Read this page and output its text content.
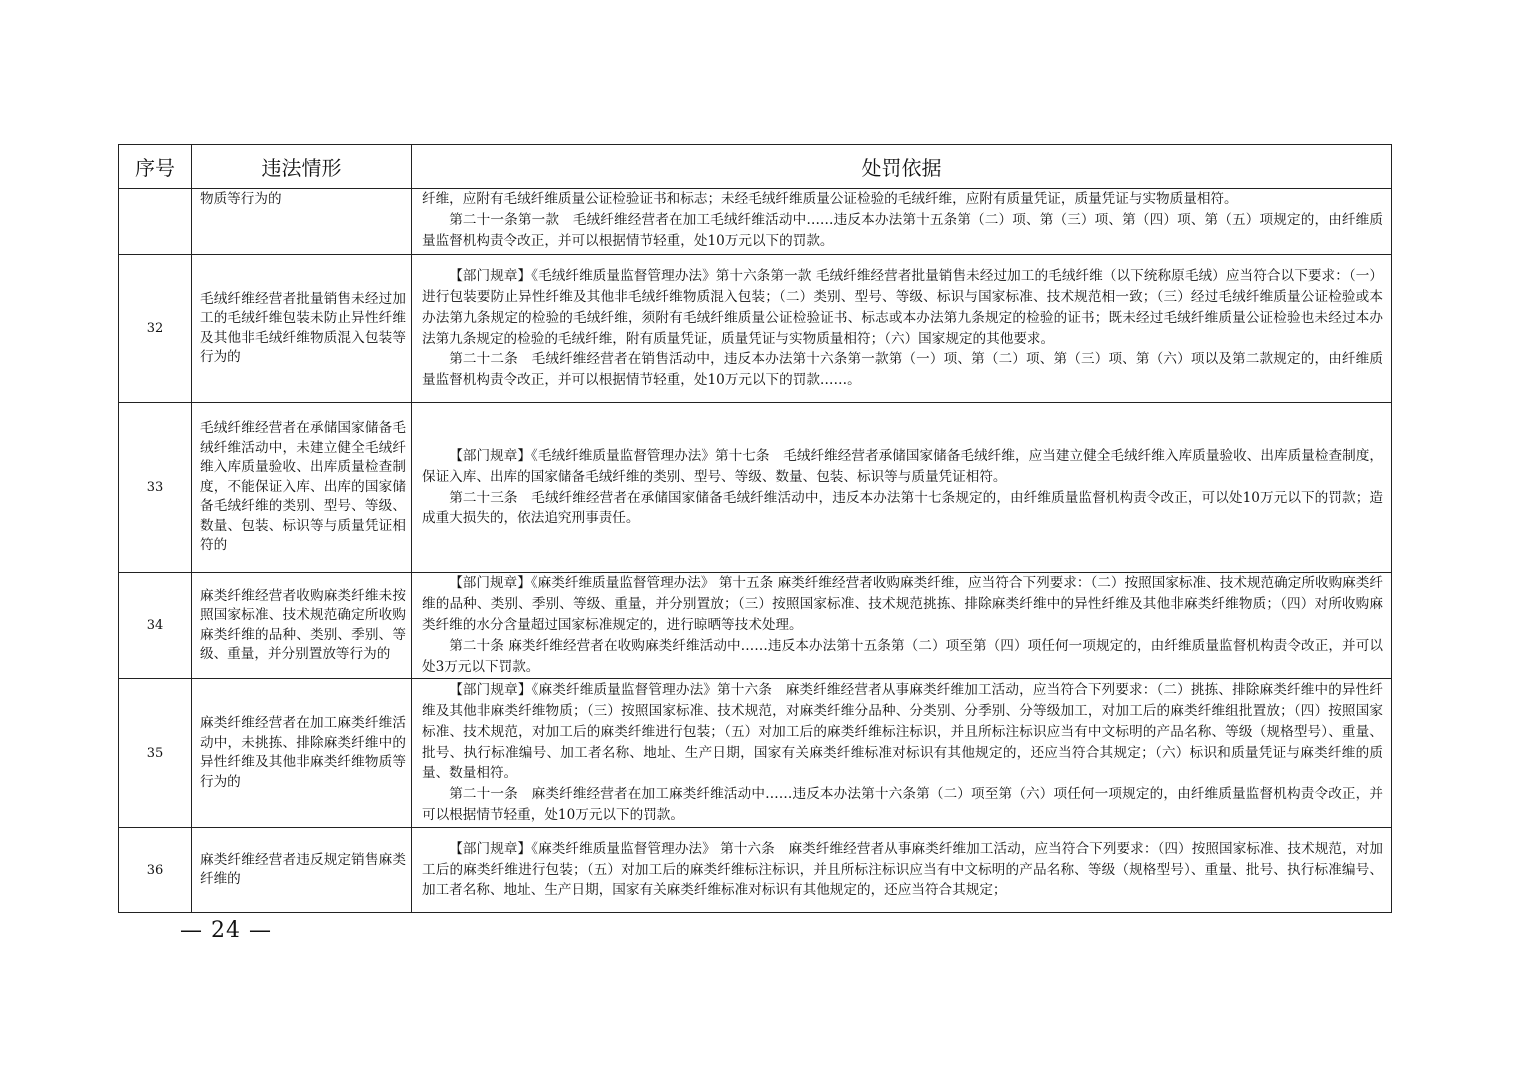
序号	违法情形	处罚依据
	物质等行为的	纤维，应附有毛绒纤维质量公证检验证书和标志；未经毛绒纤维质量公证检验的毛绒纤维，应附有质量凭证，质量凭证与实物质量相符。

第二十一条第一款　毛绒纤维经营者在加工毛绒纤维活动中……违反本办法第十五条第（二）项、第（三）项、第（四）项、第（五）项规定的，由纤维质量监督机构责令改正，并可以根据情节轻重，处10万元以下的罚款。

32	毛绒纤维经营者批量销售未经过加工的毛绒纤维包装未防止异性纤维及其他非毛绒纤维物质混入包装等行为的	【部门规章】《毛绒纤维质量监督管理办法》第十六条第一款 毛绒纤维经营者批量销售未经过加工的毛绒纤维（以下统称原毛绒）应当符合以下要求：（一）进行包装要防止异性纤维及其他非毛绒纤维物质混入包装；（二）类别、型号、等级、标识与国家标准、技术规范相一致；（三）经过毛绒纤维质量公证检验或本办法第九条规定的检验的毛绒纤维，须附有毛绒纤维质量公证检验证书、标志或本办法第九条规定的检验的证书；既未经过毛绒纤维质量公证检验也未经过本办法第九条规定的检验的毛绒纤维，附有质量凭证，质量凭证与实物质量相符；（六）国家规定的其他要求。

第二十二条　毛绒纤维经营者在销售活动中，违反本办法第十六条第一款第（一）项、第（二）项、第（三）项、第（六）项以及第二款规定的，由纤维质量监督机构责令改正，并可以根据情节轻重，处10万元以下的罚款……。

33	毛绒纤维经营者在承储国家储备毛绒纤维活动中，未建立健全毛绒纤维入库质量验收、出库质量检查制度，不能保证入库、出库的国家储备毛绒纤维的类别、型号、等级、数量、包装、标识等与质量凭证相符的	【部门规章】《毛绒纤维质量监督管理办法》第十七条　毛绒纤维经营者承储国家储备毛绒纤维，应当建立健全毛绒纤维入库质量验收、出库质量检查制度，保证入库、出库的国家储备毛绒纤维的类别、型号、等级、数量、包装、标识等与质量凭证相符。

第二十三条　毛绒纤维经营者在承储国家储备毛绒纤维活动中，违反本办法第十七条规定的，由纤维质量监督机构责令改正，可以处10万元以下的罚款；造成重大损失的，依法追究刑事责任。

34	麻类纤维经营者收购麻类纤维未按照国家标准、技术规范确定所收购麻类纤维的品种、类别、季别、等级、重量，并分别置放等行为的	【部门规章】《麻类纤维质量监督管理办法》 第十五条 麻类纤维经营者收购麻类纤维，应当符合下列要求：（二）按照国家标准、技术规范确定所收购麻类纤维的品种、类别、季别、等级、重量，并分别置放；（三）按照国家标准、技术规范挑拣、排除麻类纤维中的异性纤维及其他非麻类纤维物质；（四）对所收购麻类纤维的水分含量超过国家标准规定的，进行晾晒等技术处理。

第二十条 麻类纤维经营者在收购麻类纤维活动中……违反本办法第十五条第（二）项至第（四）项任何一项规定的，由纤维质量监督机构责令改正，并可以处3万元以下罚款。

35	麻类纤维经营者在加工麻类纤维活动中，未挑拣、排除麻类纤维中的异性纤维及其他非麻类纤维物质等行为的	【部门规章】《麻类纤维质量监督管理办法》第十六条　麻类纤维经营者从事麻类纤维加工活动，应当符合下列要求：（二）挑拣、排除麻类纤维中的异性纤维及其他非麻类纤维物质；（三）按照国家标准、技术规范，对麻类纤维分品种、分类别、分季别、分等级加工，对加工后的麻类纤维组批置放；（四）按照国家标准、技术规范，对加工后的麻类纤维进行包装；（五）对加工后的麻类纤维标注标识，并且所标注标识应当有中文标明的产品名称、等级（规格型号）、重量、批号、执行标准编号、加工者名称、地址、生产日期，国家有关麻类纤维标准对标识有其他规定的，还应当符合其规定；（六）标识和质量凭证与麻类纤维的质量、数量相符。

第二十一条　麻类纤维经营者在加工麻类纤维活动中……违反本办法第十六条第（二）项至第（六）项任何一项规定的，由纤维质量监督机构责令改正，并可以根据情节轻重，处10万元以下的罚款。

36	麻类纤维经营者违反规定销售麻类纤维的	【部门规章】《麻类纤维质量监督管理办法》 第十六条　麻类纤维经营者从事麻类纤维加工活动，应当符合下列要求：（四）按照国家标准、技术规范，对加工后的麻类纤维进行包装；（五）对加工后的麻类纤维标注标识，并且所标注标识应当有中文标明的产品名称、等级（规格型号）、重量、批号、执行标准编号、加工者名称、地址、生产日期，国家有关麻类纤维标准对标识有其他规定的，还应当符合其规定；

— 24 —
